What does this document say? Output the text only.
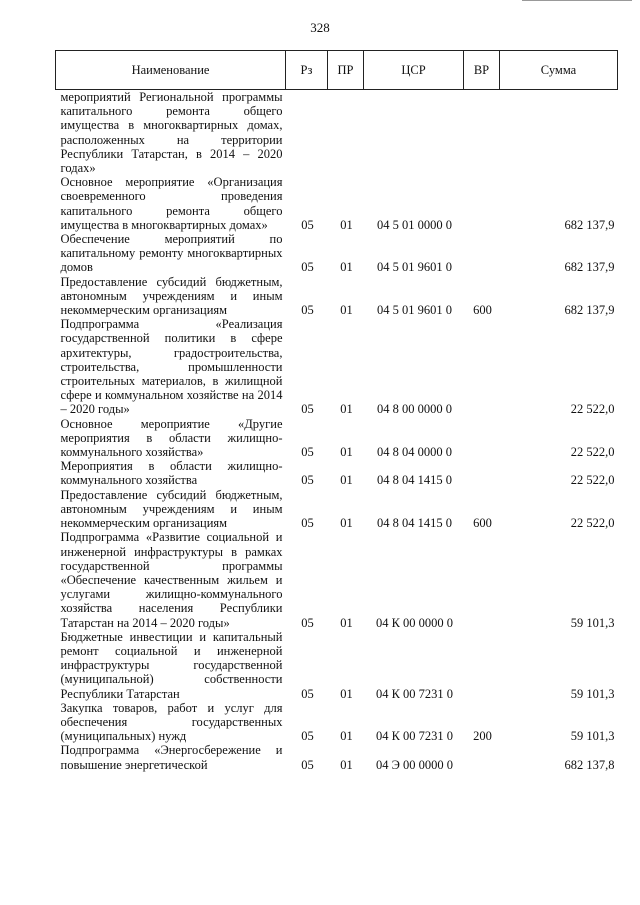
328
Наименование	Рз	ПР	ЦСР	ВР	Сумма
мероприятий Региональной программы капитального ремонта общего имущества в многоквартирных домах, расположенных на территории Республики Татарстан, в 2014 – 2020 годах»					
Основное мероприятие «Организация своевременного проведения капитального ремонта общего имущества в многоквартирных домах»	05	01	04 5 01 0000 0		682 137,9
Обеспечение мероприятий по капитальному ремонту многоквартирных домов	05	01	04 5 01 9601 0		682 137,9
Предоставление субсидий бюджетным, автономным учреждениям и иным некоммерческим организациям	05	01	04 5 01 9601 0	600	682 137,9
Подпрограмма «Реализация государственной политики в сфере архитектуры, градостроительства, строительства, промышленности строительных материалов, в жилищной сфере и коммунальном хозяйстве на 2014 – 2020 годы»	05	01	04 8 00 0000 0		22 522,0
Основное мероприятие «Другие мероприятия в области жилищно-коммунального хозяйства»	05	01	04 8 04 0000 0		22 522,0
Мероприятия в области жилищно-коммунального хозяйства	05	01	04 8 04 1415 0		22 522,0
Предоставление субсидий бюджетным, автономным учреждениям и иным некоммерческим организациям	05	01	04 8 04 1415 0	600	22 522,0
Подпрограмма «Развитие социальной и инженерной инфраструктуры в рамках государственной программы «Обеспечение качественным жильем и услугами жилищно-коммунального хозяйства населения Республики Татарстан на 2014 – 2020 годы»	05	01	04 К 00 0000 0		59 101,3
Бюджетные инвестиции и капитальный ремонт социальной и инженерной инфраструктуры государственной (муниципальной) собственности Республики Татарстан	05	01	04 К 00 7231 0		59 101,3
Закупка товаров, работ и услуг для обеспечения государственных (муниципальных) нужд	05	01	04 К 00 7231 0	200	59 101,3
Подпрограмма «Энергосбережение и повышение энергетической	05	01	04 Э 00 0000 0		682 137,8
